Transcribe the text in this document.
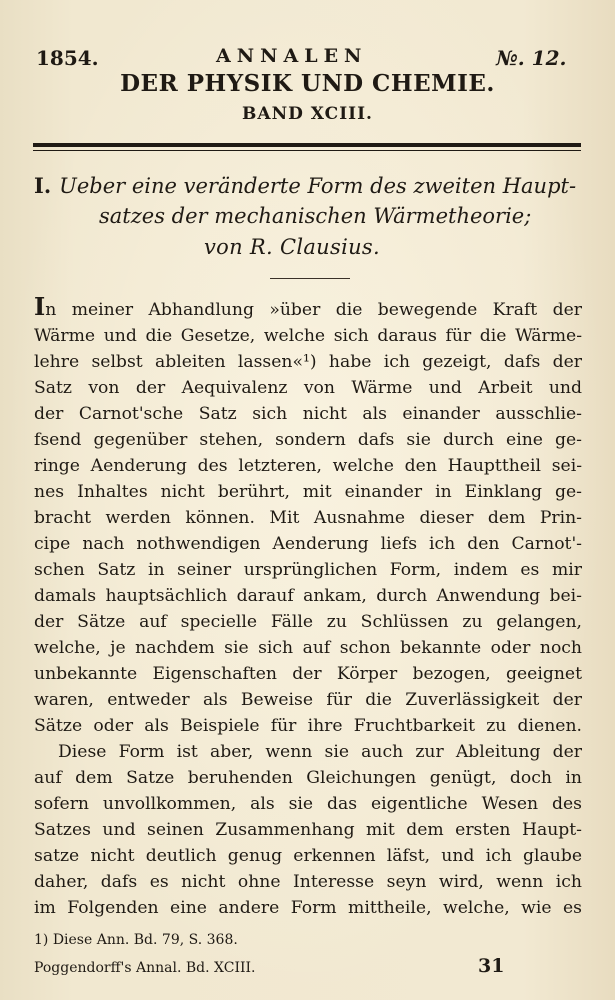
1854.	ANNALEN	№. 12.
DER PHYSIK UND CHEMIE.
BAND XCIII.
I. Ueber eine veränderte Form des zweiten Haupt-
satzes der mechanischen Wärmetheorie;
von R. Clausius.
In meiner Abhandlung »über die bewegende Kraft der
Wärme und die Gesetze, welche sich daraus für die Wärme-
lehre selbst ableiten lassen«¹) habe ich gezeigt, dafs der
Satz von der Aequivalenz von Wärme und Arbeit und
der Carnot'sche Satz sich nicht als einander ausschlie-
fsend gegenüber stehen, sondern dafs sie durch eine ge-
ringe Aenderung des letzteren, welche den Haupttheil sei-
nes Inhaltes nicht berührt, mit einander in Einklang ge-
bracht werden können. Mit Ausnahme dieser dem Prin-
cipe nach nothwendigen Aenderung liefs ich den Carnot'-
schen Satz in seiner ursprünglichen Form, indem es mir
damals hauptsächlich darauf ankam, durch Anwendung bei-
der Sätze auf specielle Fälle zu Schlüssen zu gelangen,
welche, je nachdem sie sich auf schon bekannte oder noch
unbekannte Eigenschaften der Körper bezogen, geeignet
waren, entweder als Beweise für die Zuverlässigkeit der
Sätze oder als Beispiele für ihre Fruchtbarkeit zu dienen.
Diese Form ist aber, wenn sie auch zur Ableitung der
auf dem Satze beruhenden Gleichungen genügt, doch in
sofern unvollkommen, als sie das eigentliche Wesen des
Satzes und seinen Zusammenhang mit dem ersten Haupt-
satze nicht deutlich genug erkennen läfst, und ich glaube
daher, dafs es nicht ohne Interesse seyn wird, wenn ich
im Folgenden eine andere Form mittheile, welche, wie es
1) Diese Ann. Bd. 79, S. 368.
Poggendorff's Annal. Bd. XCIII.	31
